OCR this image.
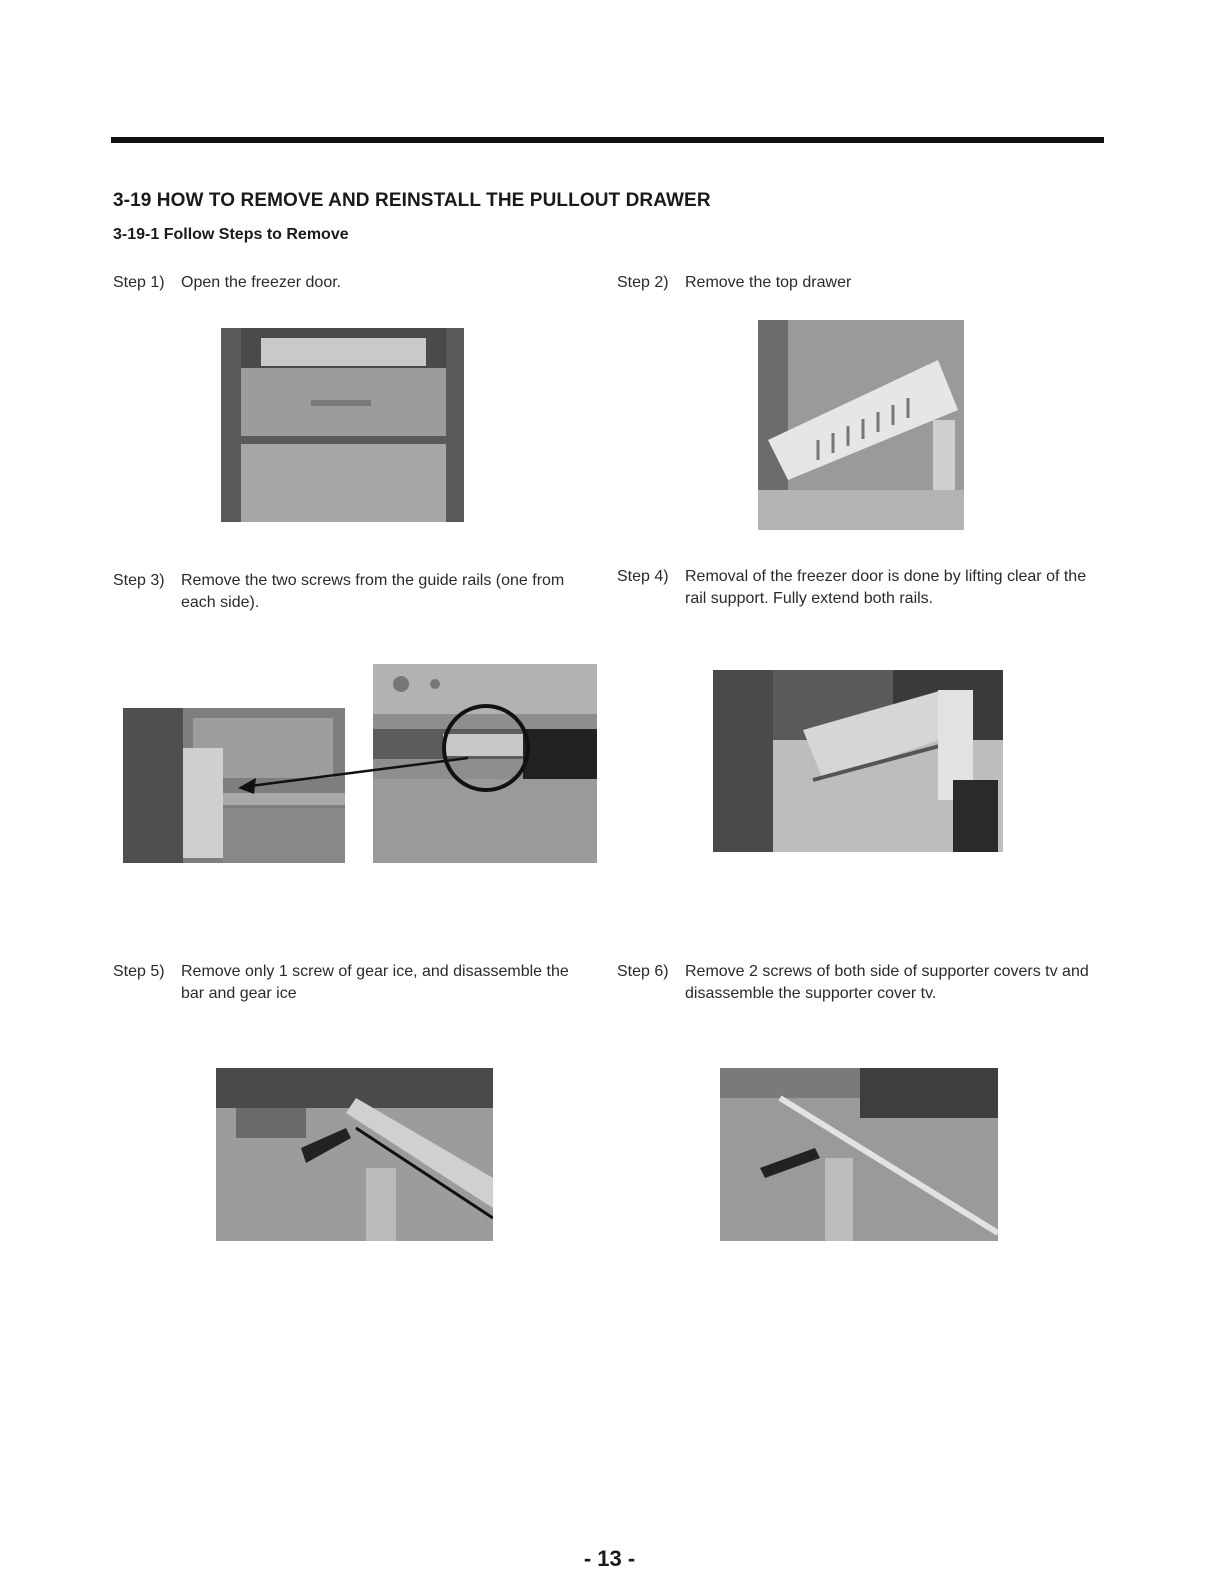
3-19 HOW TO REMOVE AND REINSTALL THE PULLOUT DRAWER
3-19-1 Follow Steps to Remove
Step 1) Open the freezer door.	Step 2) Remove the top drawer
Step 3) Remove the two screws from the guide rails (one from each side).
Step 4) Removal of the freezer door is done by lifting clear of the rail support. Fully extend both rails.
Step 5) Remove only 1 screw of gear ice, and disassemble the bar and gear ice
Step 6) Remove 2 screws of both side of supporter covers tv and disassemble the supporter cover tv.
- 13 -
